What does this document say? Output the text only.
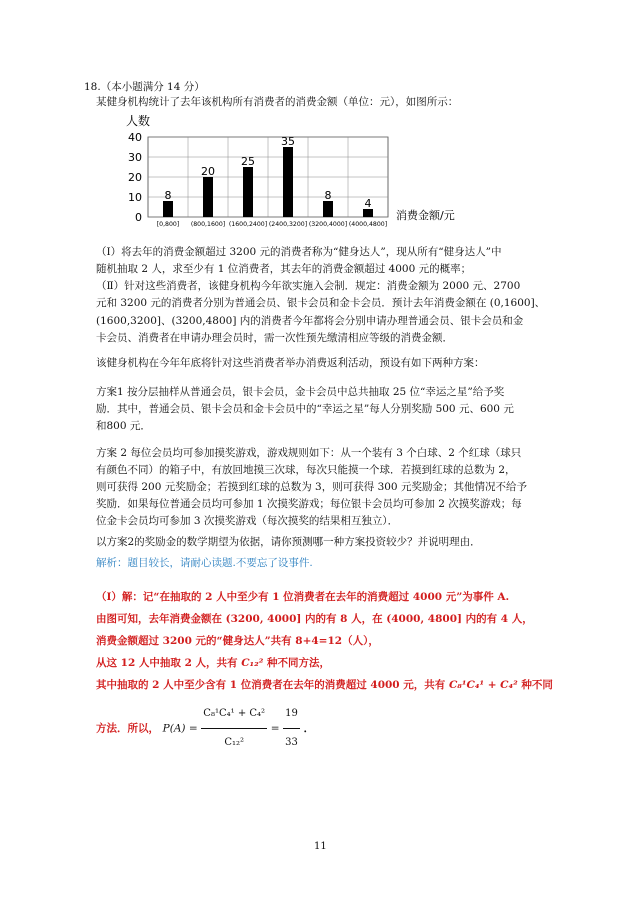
18.（本小题满分 14 分）
某健身机构统计了去年该机构所有消费者的消费金额（单位：元），如图所示：
人数
0
10
20
30
40
8
20
25
35
8
4
[0,800] (800,1600] (1600,2400] (2400,3200] (3200,4000] (4000,4800]
消费金额/元
（Ⅰ）将去年的消费金额超过 3200 元的消费者称为“健身达人”，现从所有“健身达人”中
随机抽取 2 人，求至少有 1 位消费者，其去年的消费金额超过 4000 元的概率；
（Ⅱ）针对这些消费者，该健身机构今年欲实施入会制．规定：消费金额为 2000 元、2700
元和 3200 元的消费者分别为普通会员、银卡会员和金卡会员．预计去年消费金额在 (0,1600]、
(1600,3200]、(3200,4800] 内的消费者今年都将会分别申请办理普通会员、银卡会员和金
卡会员、消费者在申请办理会员时，需一次性预先缴清相应等级的消费金额．
该健身机构在今年年底将针对这些消费者举办消费返利活动，预设有如下两种方案：
方案1 按分层抽样从普通会员，银卡会员，金卡会员中总共抽取 25 位“幸运之星”给予奖
励．其中，普通会员、银卡会员和金卡会员中的“幸运之星”每人分别奖励 500 元、600 元
和800 元．
方案 2 每位会员均可参加摸奖游戏，游戏规则如下：从一个装有 3 个白球、2 个红球（球只
有颜色不同）的箱子中，有放回地摸三次球，每次只能摸一个球．若摸到红球的总数为 2，
则可获得 200 元奖励金；若摸到红球的总数为 3，则可获得 300 元奖励金；其他情况不给予
奖励．如果每位普通会员均可参加 1 次摸奖游戏；每位银卡会员均可参加 2 次摸奖游戏；每
位金卡会员均可参加 3 次摸奖游戏（每次摸奖的结果相互独立）．
以方案2的奖励金的数学期望为依据，请你预测哪一种方案投资较少？并说明理由．
解析：题目较长，请耐心读题.不要忘了设事件.
（Ⅰ）解：记“在抽取的 2 人中至少有 1 位消费者在去年的消费超过 4000 元”为事件 A.
由图可知，去年消费金额在 (3200, 4000] 内的有 8 人，在 (4000, 4800] 内的有 4 人，
消费金额超过 3200 元的“健身达人”共有 8+4=12（人），
从这 12 人中抽取 2 人，共有 C₁₂² 种不同方法，
其中抽取的 2 人中至少含有 1 位消费者在去年的消费超过 4000 元，共有 C₈¹C₄¹ + C₄² 种不同
方法．所以， $P(A) = \frac{\text{C₈¹C₄¹ + C₄²}}{\text{C₁₂²}} = \frac{19}{33}$ ．
11
